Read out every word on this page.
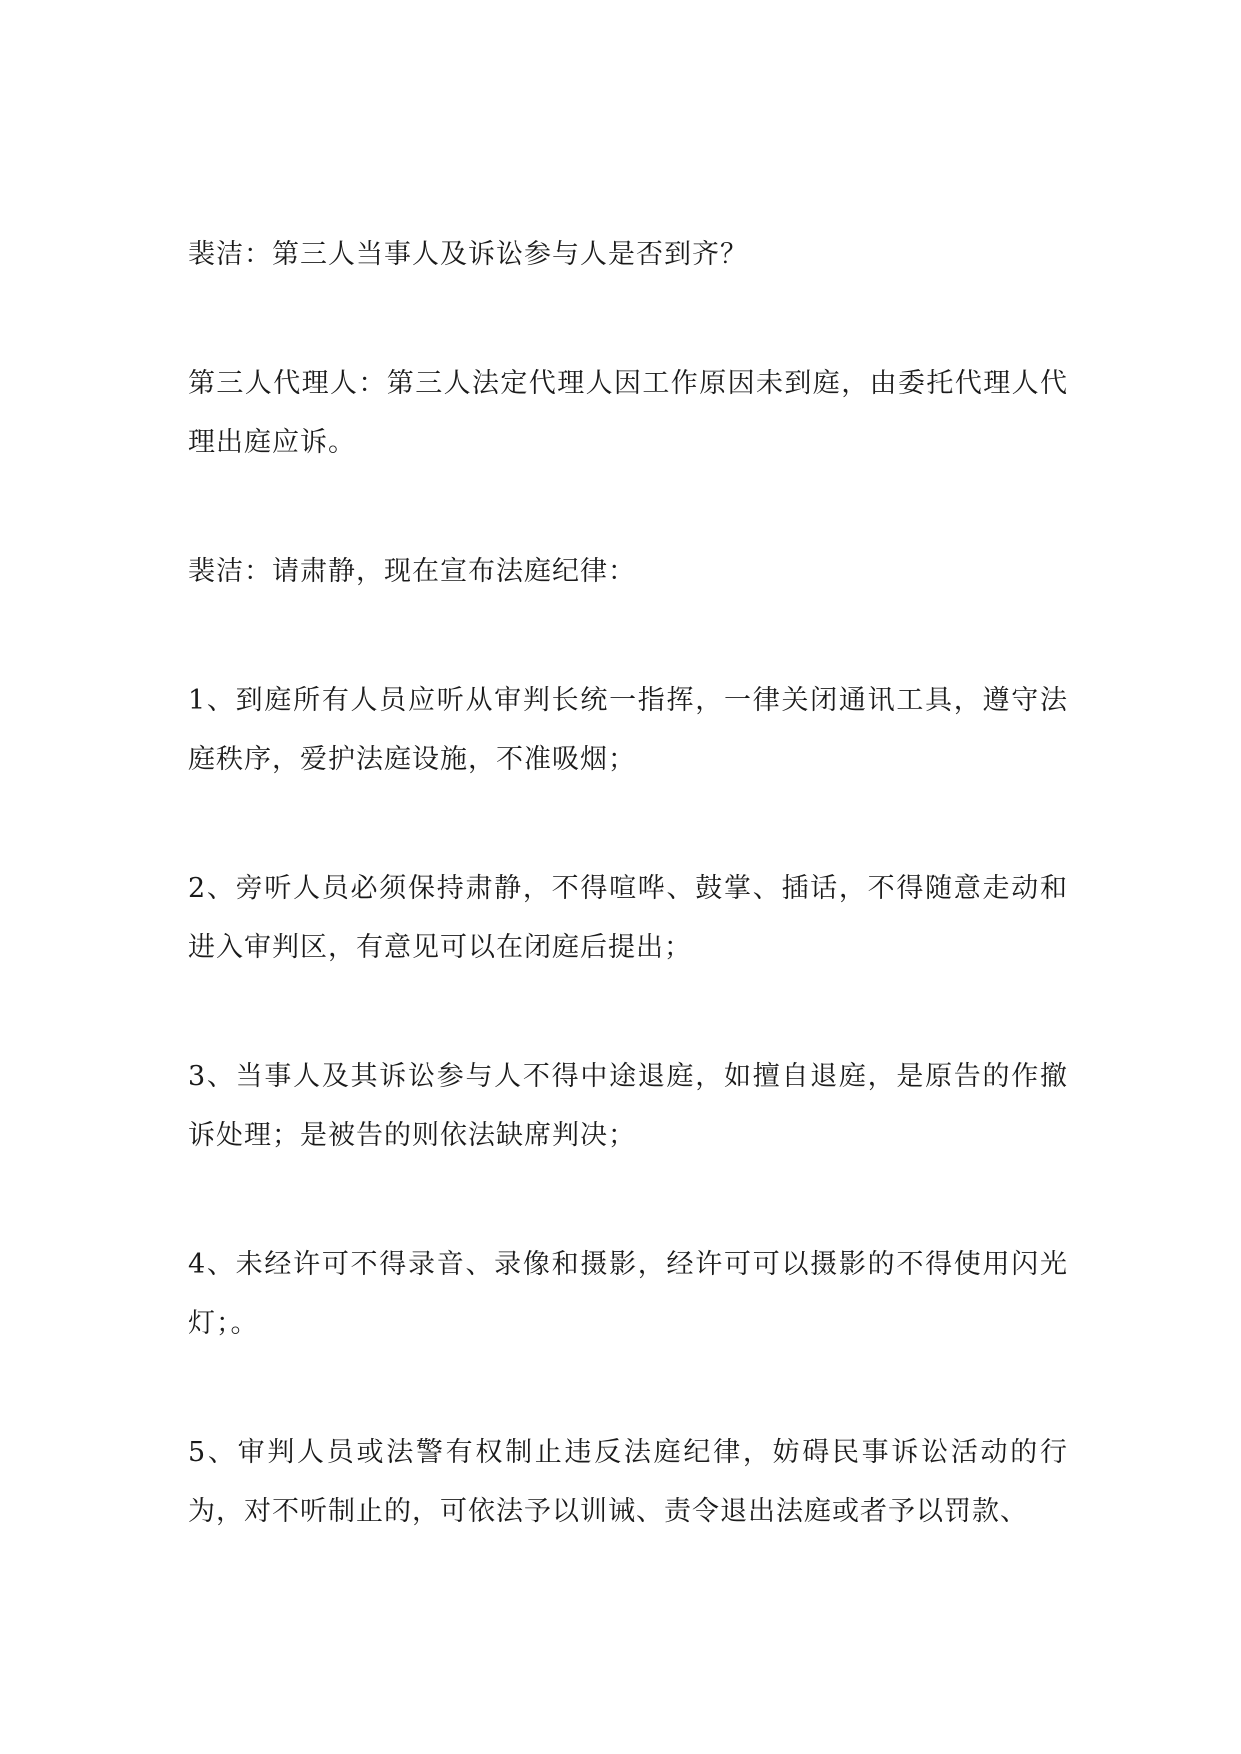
裴洁：第三人当事人及诉讼参与人是否到齐？

第三人代理人：第三人法定代理人因工作原因未到庭，由委托代理人代理出庭应诉。

裴洁：请肃静，现在宣布法庭纪律：

1、到庭所有人员应听从审判长统一指挥，一律关闭通讯工具，遵守法庭秩序，爱护法庭设施，不准吸烟；

2、旁听人员必须保持肃静，不得喧哗、鼓掌、插话，不得随意走动和进入审判区，有意见可以在闭庭后提出；

3、当事人及其诉讼参与人不得中途退庭，如擅自退庭，是原告的作撤诉处理；是被告的则依法缺席判决；

4、未经许可不得录音、录像和摄影，经许可可以摄影的不得使用闪光灯；。

5、审判人员或法警有权制止违反法庭纪律，妨碍民事诉讼活动的行为，对不听制止的，可依法予以训诫、责令退出法庭或者予以罚款、
